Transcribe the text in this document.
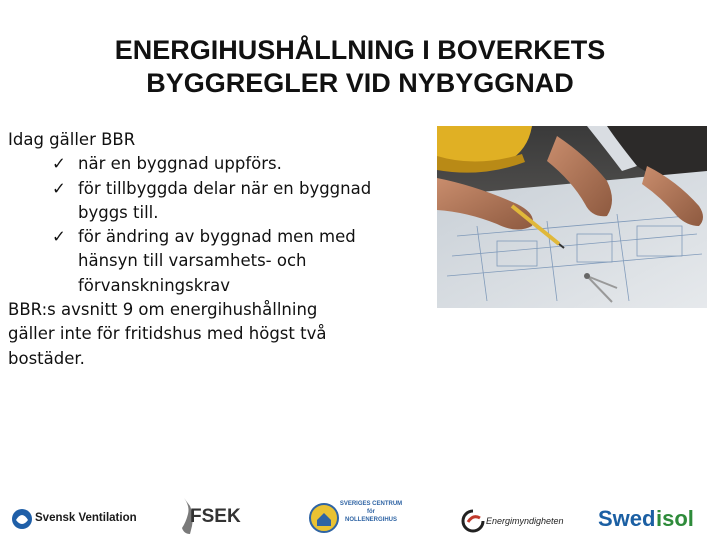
ENERGIHUSHÅLLNING I BOVERKETS
BYGGREGLER VID NYBYGGNAD
Idag gäller BBR
✓ när en byggnad uppförs.
✓ för tillbyggda delar när en byggnad
byggs till.
✓ för ändring av byggnad men med
hänsyn till varsamhets- och
förvanskningskrav
BBR:s avsnitt 9 om energihushållning
gäller inte för fritidshus med högst två
bostäder.
Svensk Ventilation	FSEK
SVERIGES CENTRUM
för
NOLLENERGIHUS	Energimyndigheten Swed isol
